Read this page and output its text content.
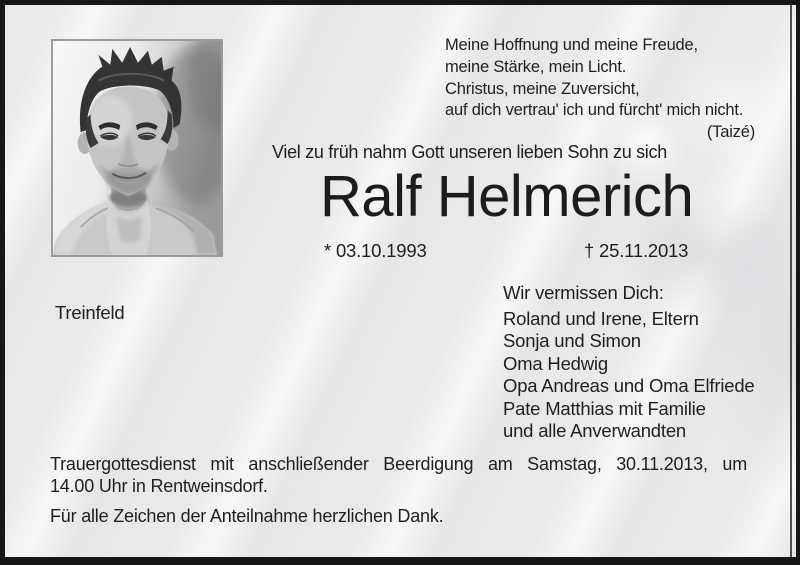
Meine Hoffnung und meine Freude,
meine Stärke, mein Licht.
Christus, meine Zuversicht,
auf dich vertrau' ich und fürcht' mich nicht.
(Taizé)
Viel zu früh nahm Gott unseren lieben Sohn zu sich
Ralf Helmerich
* 03.10.1993	† 25.11.2013
Treinfeld
Wir vermissen Dich:
Roland und Irene, Eltern
Sonja und Simon
Oma Hedwig
Opa Andreas und Oma Elfriede
Pate Matthias mit Familie
und alle Anverwandten
Trauergottesdienst mit anschließender Beerdigung am Samstag, 30.11.2013, um
14.00 Uhr in Rentweinsdorf.
Für alle Zeichen der Anteilnahme herzlichen Dank.
